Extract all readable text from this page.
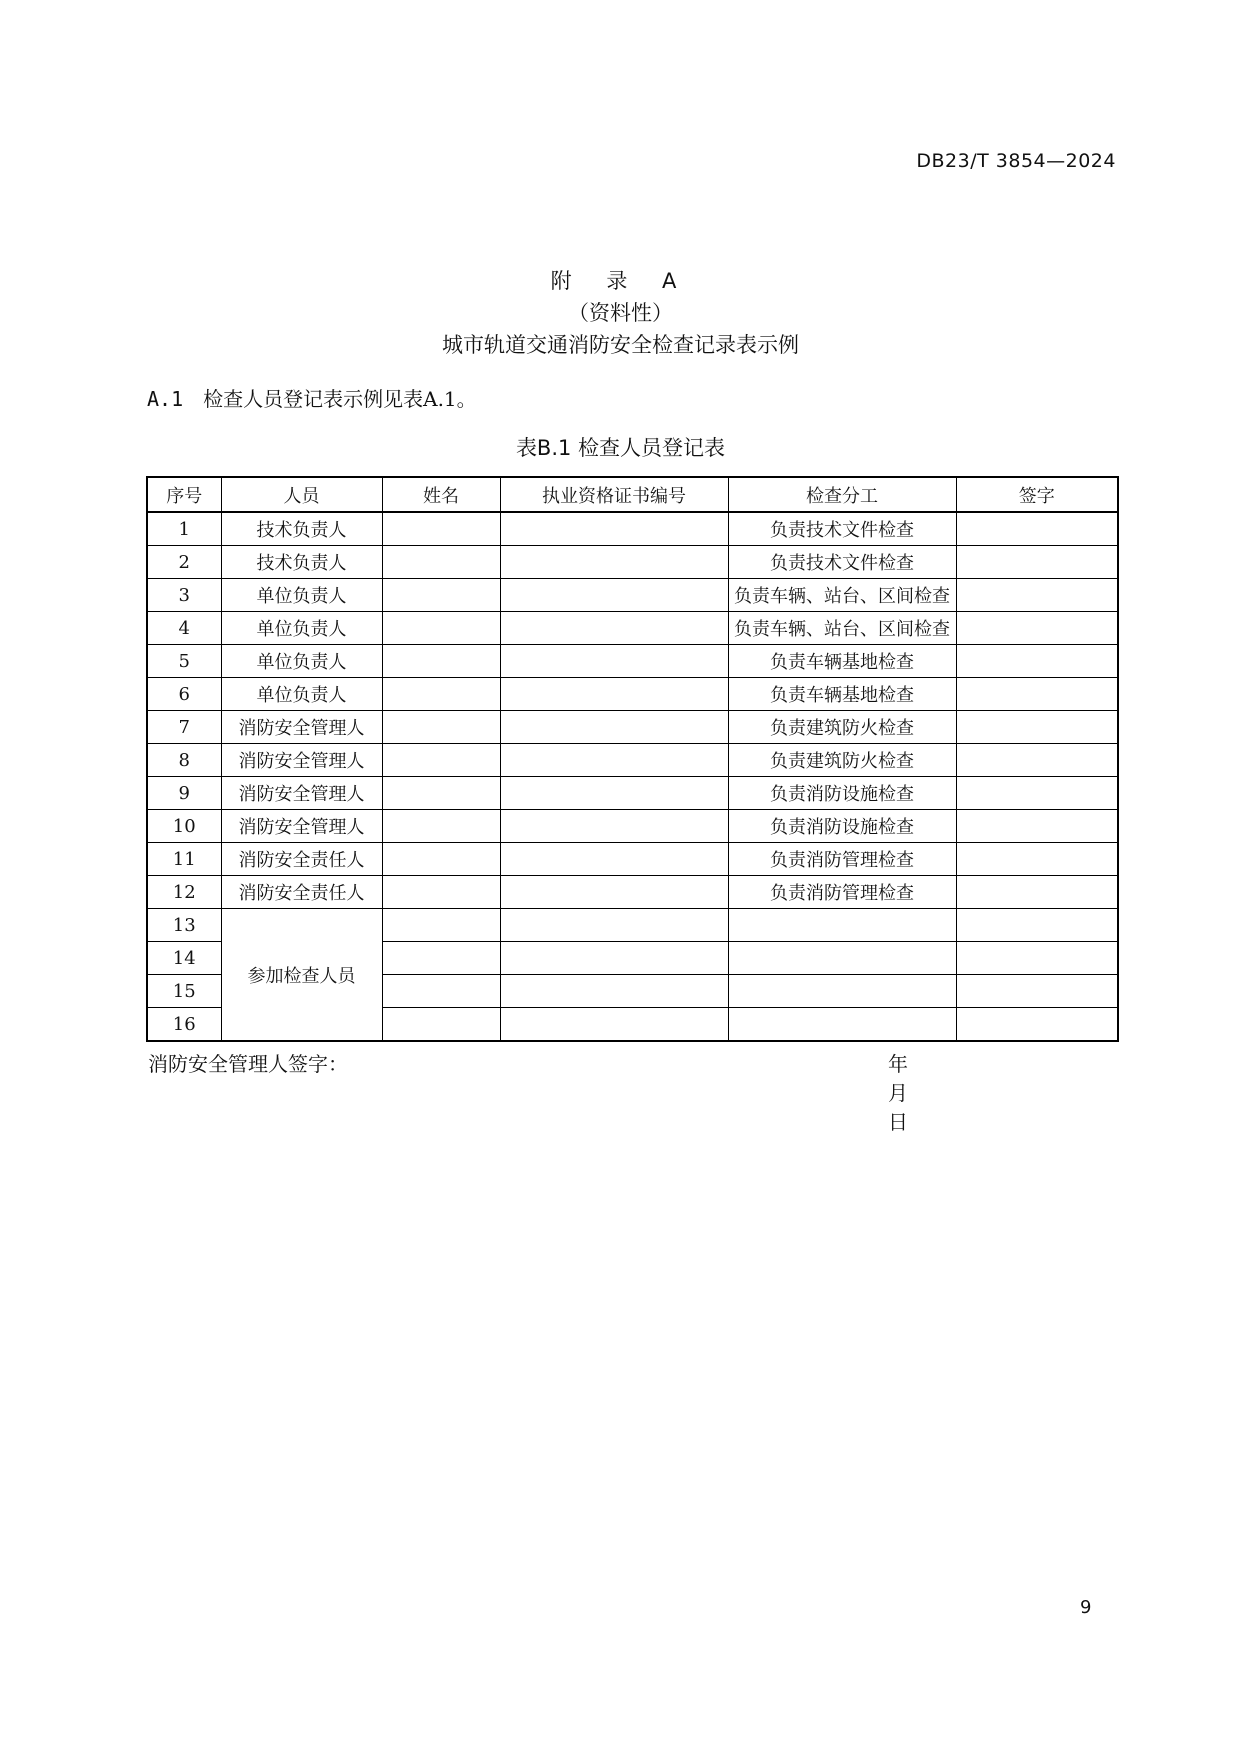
DB23/T 3854—2024
附 录 A
（资料性）
城市轨道交通消防安全检查记录表示例
A.1 检查人员登记表示例见表A.1。
表B.1 检查人员登记表
序号	人员	姓名	执业资格证书编号	检查分工	签字
1	技术负责人			负责技术文件检查	
2	技术负责人			负责技术文件检查	
3	单位负责人			负责车辆、站台、区间检查	
4	单位负责人			负责车辆、站台、区间检查	
5	单位负责人			负责车辆基地检查	
6	单位负责人			负责车辆基地检查	
7	消防安全管理人			负责建筑防火检查	
8	消防安全管理人			负责建筑防火检查	
9	消防安全管理人			负责消防设施检查	
10	消防安全管理人			负责消防设施检查	
11	消防安全责任人			负责消防管理检查	
12	消防安全责任人			负责消防管理检查	
13	参加检查人员				
14					
15					
16					
消防安全管理人签字：	年 月 日
9
